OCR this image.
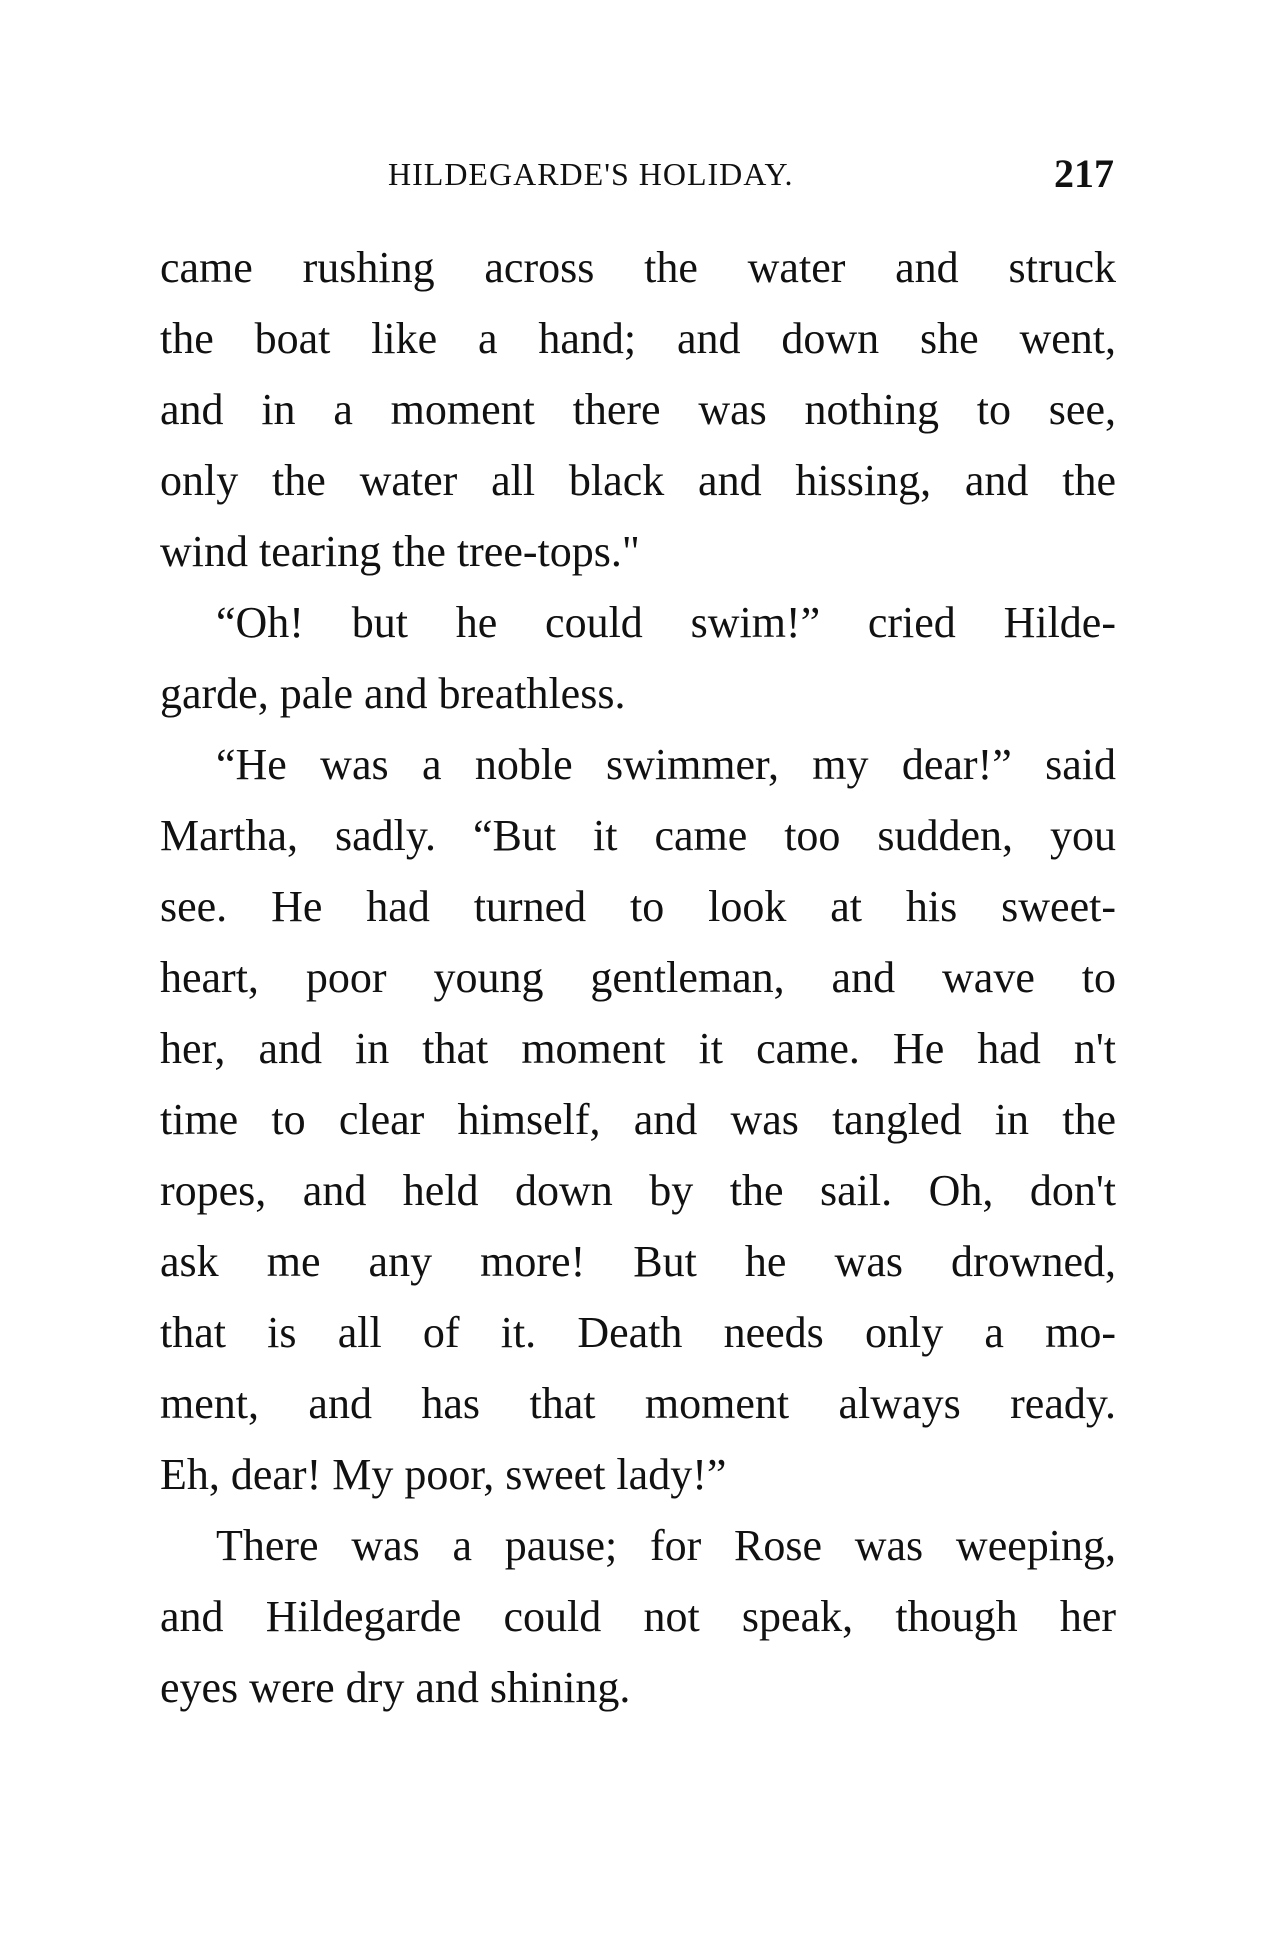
HILDEGARDE'S HOLIDAY.	217
came rushing across the water and struck
the boat like a hand; and down she went,
and in a moment there was nothing to see,
only the water all black and hissing, and the
wind tearing the tree-tops."
“Oh! but he could swim!” cried Hilde-
garde, pale and breathless.
“He was a noble swimmer, my dear!” said
Martha, sadly. “But it came too sudden, you
see. He had turned to look at his sweet-
heart, poor young gentleman, and wave to
her, and in that moment it came. He had n't
time to clear himself, and was tangled in the
ropes, and held down by the sail. Oh, don't
ask me any more! But he was drowned,
that is all of it. Death needs only a mo-
ment, and has that moment always ready.
Eh, dear! My poor, sweet lady!”
There was a pause; for Rose was weeping,
and Hildegarde could not speak, though her
eyes were dry and shining.
